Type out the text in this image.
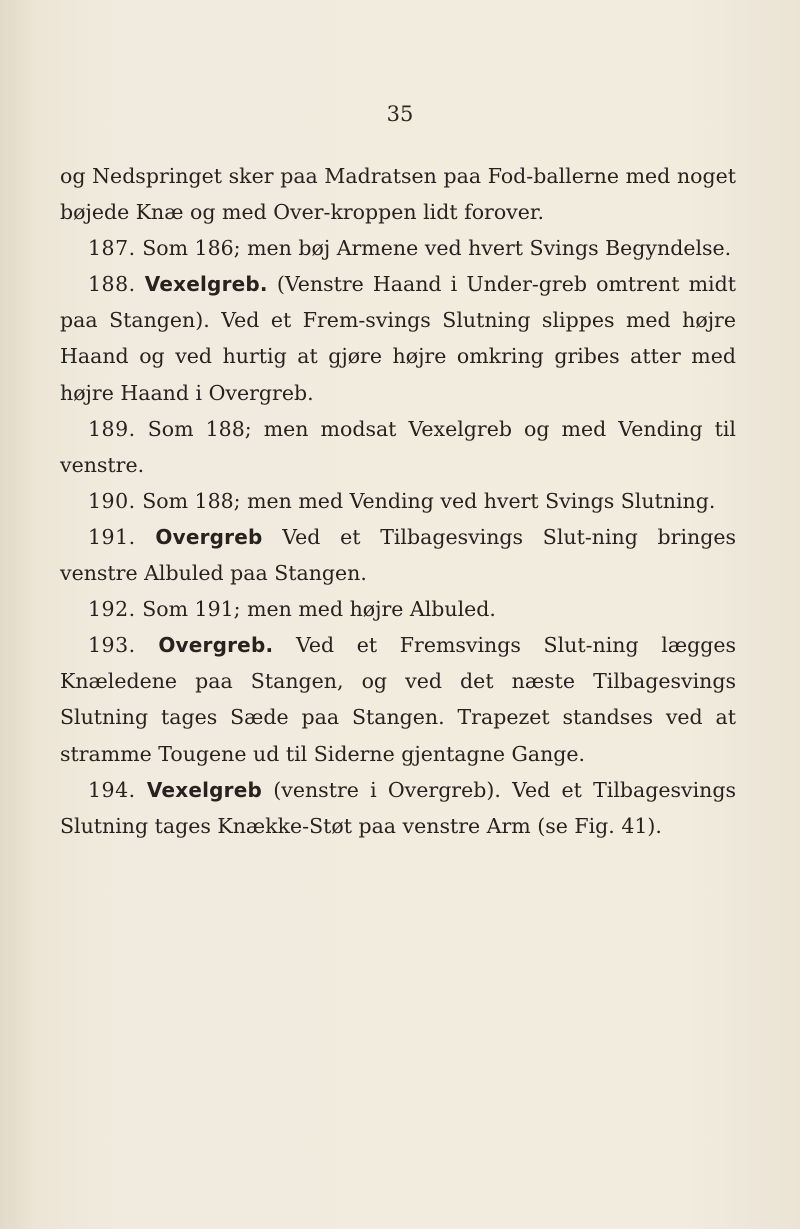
35

og Nedspringet sker paa Madratsen paa Fod-ballerne med noget bøjede Knæ og med Over-kroppen lidt forover.

187. Som 186; men bøj Armene ved hvert Svings Begyndelse.

188. Vexelgreb. (Venstre Haand i Under-greb omtrent midt paa Stangen). Ved et Frem-svings Slutning slippes med højre Haand og ved hurtig at gjøre højre omkring gribes atter med højre Haand i Overgreb.

189. Som 188; men modsat Vexelgreb og med Vending til venstre.

190. Som 188; men med Vending ved hvert Svings Slutning.

191. Overgreb Ved et Tilbagesvings Slut-ning bringes venstre Albuled paa Stangen.

192. Som 191; men med højre Albuled.

193. Overgreb. Ved et Fremsvings Slut-ning lægges Knæledene paa Stangen, og ved det næste Tilbagesvings Slutning tages Sæde paa Stangen. Trapezet standses ved at stramme Tougene ud til Siderne gjentagne Gange.

194. Vexelgreb (venstre i Overgreb). Ved et Tilbagesvings Slutning tages Knække-Støt paa venstre Arm (se Fig. 41).
